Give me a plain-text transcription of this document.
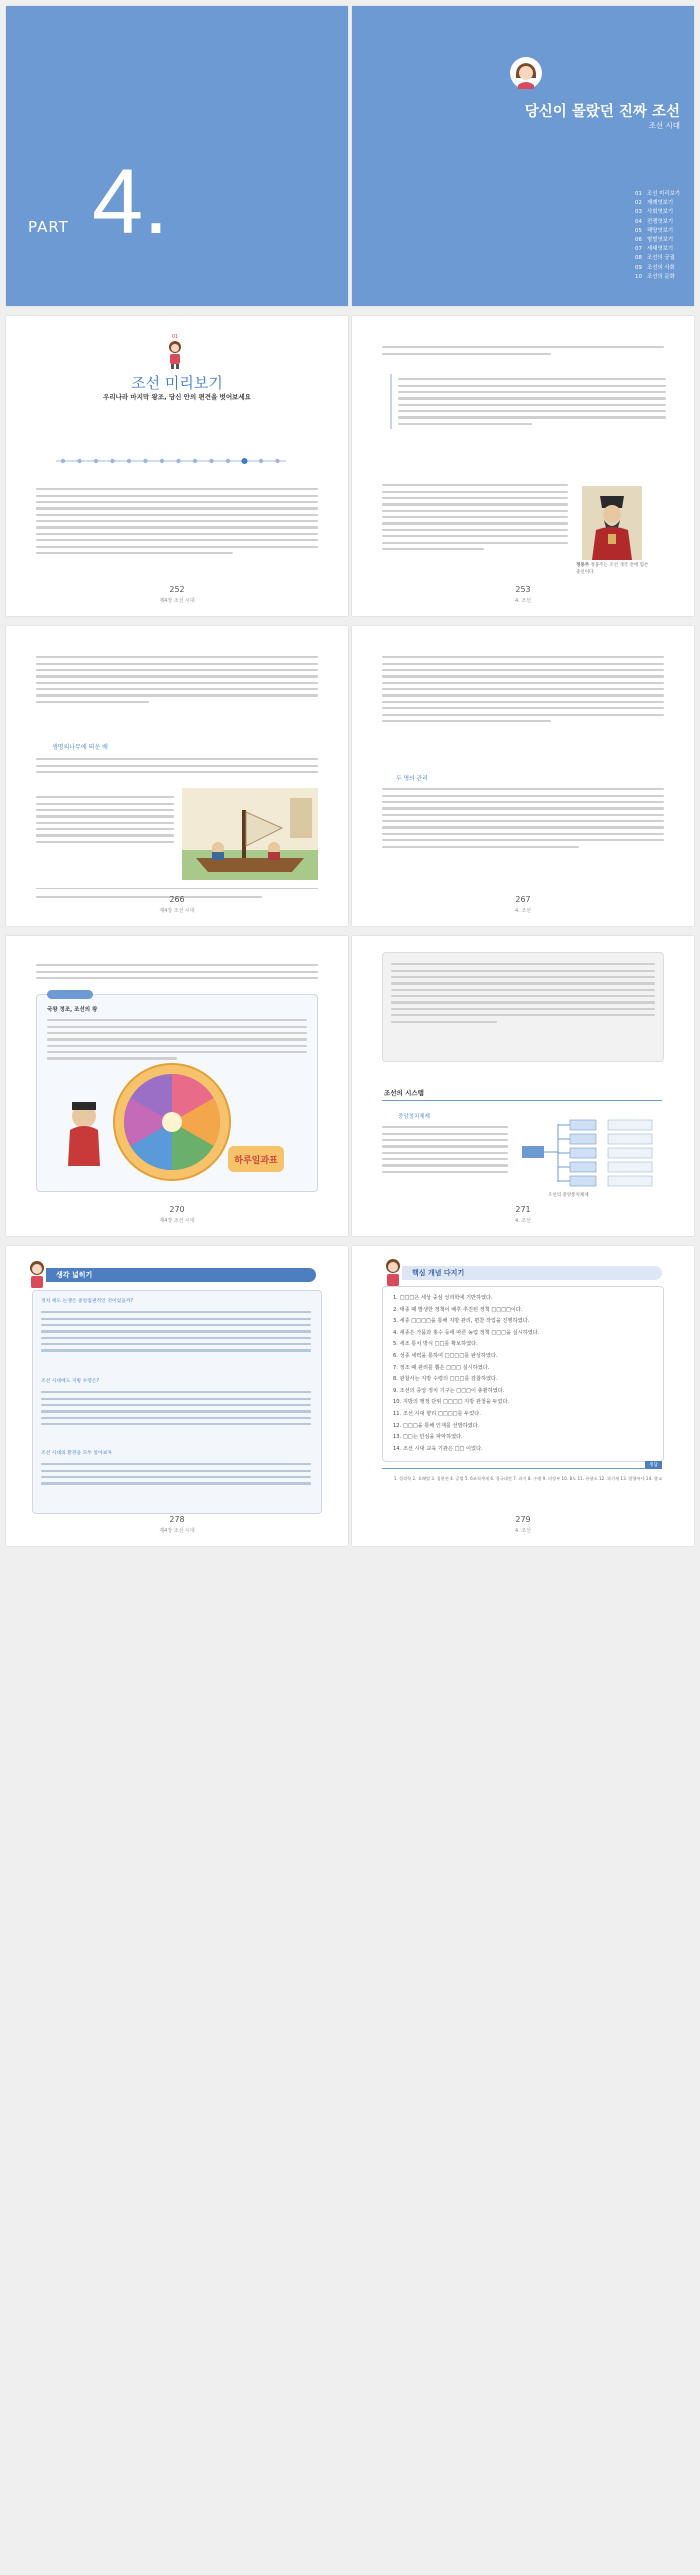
PART 4.
당신이 몰랐던 진짜 조선
조선 시대
01 조선 미리보기
02 제례엿보기
03 사회엿보기
04 전쟁엿보기
05 해양엿보기
06 형벌엿보기
07 세태엿보기
08 조선의 궁궐
09 조선의 사회
10 조선의 문화
01
조선 미리보기
우리나라 마지막 왕조, 당신 안의 편견을 벗어보세요
252
제4장 조선 시대
정몽주 정몽주는 조선 개국 전에 힘쓴 충신이다.
253
4. 조선
생명의나무에 띄운 배
266
제4장 조선 시대
두 명의 관리
267
4. 조선
국왕 정조, 조선의 왕
하루일과표
270
제4장 조선 시대
조선의 시스템
중앙정치체제
조선의 중앙통치체제
271
4. 조선
생각 넓히기
정치 세도 논쟁은 중앙집권적인 것이었을까?
조선 시대에도 지방 수령은?
조선 시대의 환관을 모두 알아보자
278
제4장 조선 시대
핵심 개념 다지기
1. □□□은 세상 중심 성리학에 기반하였다.
2. 태종 때 발생한 정책이 배후 추진된 정책 □□□□이다.
3. 세종 □□□□을 통해 지방 관리, 편찬 작업을 진행하였다.
4. 세종은 가뭄과 홍수 등에 따른 농업 정책 □□□을 실시하였다.
5. 세조 통치 방식 □□를 확보하였다.
6. 성종 세력을 통하여 □□□□를 완성하였다.
7. 정조 때 관리를 뽑은 □□□ 실시하였다.
8. 관찰사는 지방 수령의 □□□를 감찰하였다.
9. 조선의 중앙 정치 기구는 □□□이 총괄하였다.
10. 지방의 행정 단위 □□□□ 지방 관청을 두었다.
11. 조선 시대 향리 □□□□를 두었다.
12. □□□을 통해 인재를 선발하였다.
13. □□는 민심을 파악하였다.
14. 조선 시대 교육 기관은 □□ 이었다.
정답
1. 성리학 2. 호패법 3. 집현전 4. 공법 5. 6조직계제 6. 경국대전 7. 과거 8. 수령 9. 의정부 10. 8도 11. 유향소 12. 과거제 13. 암행어사 14. 향교
279
4. 조선
